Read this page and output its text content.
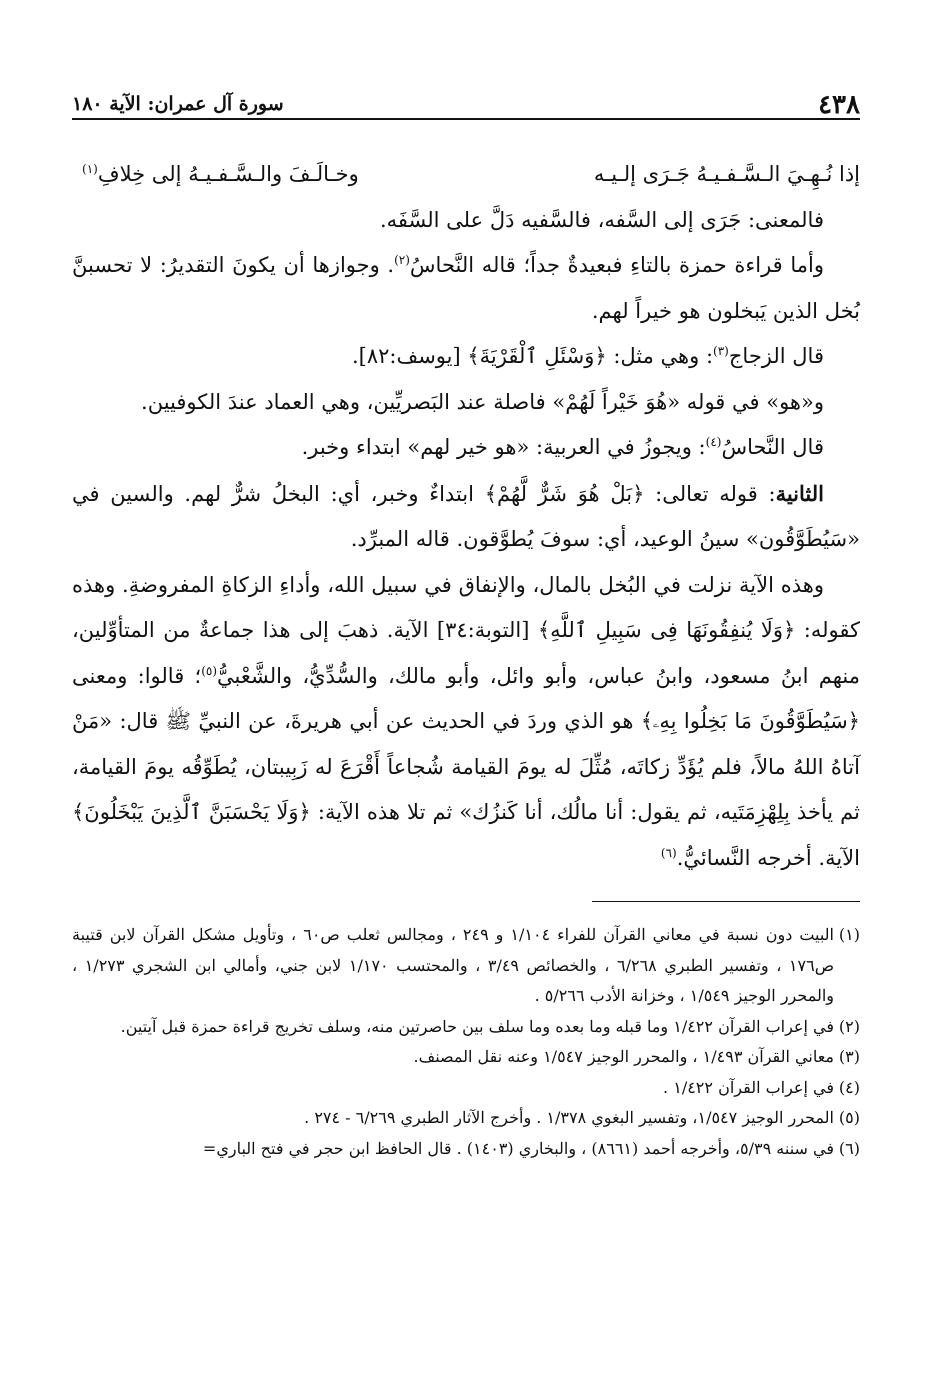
٤٣٨
سورة آل عمران: الآية ١٨٠
إذا نُـهِـيَ الـسَّـفـيـهُ جَـرَى إلـيـه
وخـالَـفَ والـسَّـفـيـهُ إلى خِلافِ$^{(١)}$

فالمعنى: جَرَى إلى السَّفه، فالسَّفيه دَلَّ على السَّفَه.

وأما قراءة حمزة بالتاءِ فبعيدةٌ جداً؛ قاله النَّحاسُ$^{(٢)}$. وجوازها أن يكونَ التقديرُ: لا تحسبنَّ بُخل الذين يَبخلون هو خيراً لهم.

قال الزجاج$^{(٣)}$: وهي مثل: ﴿وَسْئَلِ ٱلْقَرْيَةَ﴾ [يوسف:٨٢].

و«هو» في قوله «هُوَ خَيْراً لَهُمْ» فاصلة عند البَصريِّين، وهي العماد عندَ الكوفيين.

قال النَّحاسُ$^{(٤)}$: ويجوزُ في العربية: «هو خير لهم» ابتداء وخبر.

الثانية: قوله تعالى: ﴿بَلْ هُوَ شَرٌّ لَّهُمْ﴾ ابتداءٌ وخبر، أي: البخلُ شرٌّ لهم. والسين في «سَيُطَوَّقُون» سينُ الوعيد، أي: سوفَ يُطوَّقون. قاله المبرِّد.

وهذه الآية نزلت في البُخل بالمال، والإنفاق في سبيل الله، وأداءِ الزكاةِ المفروضةِ. وهذه كقوله: ﴿وَلَا يُنفِقُونَهَا فِى سَبِيلِ ٱللَّهِ﴾ [التوبة:٣٤] الآية. ذهبَ إلى هذا جماعةٌ من المتأوِّلين، منهم ابنُ مسعود، وابنُ عباس، وأبو وائل، وأبو مالك، والسُّدِّيُّ، والشَّعْبيُّ$^{(٥)}$؛ قالوا: ومعنى ﴿سَيُطَوَّقُونَ مَا بَخِلُوا بِهِۦ﴾ هو الذي وردَ في الحديث عن أبي هريرةَ، عن النبيِّ ﷺ قال: «مَنْ آتاهُ اللهُ مالاً، فلم يُؤَدِّ زكاتَه، مُثِّلَ له يومَ القيامة شُجاعاً أَقْرَعَ له زَبِيبتان، يُطَوِّقُه يومَ القيامة، ثم يأخذ بِلِهْزِمَتَيه، ثم يقول: أنا مالُك، أنا كَنزُك» ثم تلا هذه الآية: ﴿وَلَا يَحْسَبَنَّ ٱلَّذِينَ يَبْخَلُونَ﴾ الآية. أخرجه النَّسائيُّ.$^{(٦)}$

(١)
البيت دون نسبة في معاني القرآن للفراء ١/١٠٤ و ٢٤٩ ، ومجالس ثعلب ص٦٠ ، وتأويل مشكل القرآن لابن قتيبة ص١٧٦ ، وتفسير الطبري ٦/٢٦٨ ، والخصائص ٣/٤٩ ، والمحتسب ١/١٧٠ لابن جني، وأمالي ابن الشجري ١/٢٧٣ ، والمحرر الوجيز ١/٥٤٩ ، وخزانة الأدب ٥/٢٦٦ .
(٢)
في إعراب القرآن ١/٤٢٢ وما قبله وما بعده وما سلف بين حاصرتين منه، وسلف تخريج قراءة حمزة قبل آيتين.
(٣)
معاني القرآن ١/٤٩٣ ، والمحرر الوجيز ١/٥٤٧ وعنه نقل المصنف.
(٤)
في إعراب القرآن ١/٤٢٢ .
(٥)
المحرر الوجيز ١/٥٤٧، وتفسير البغوي ١/٣٧٨ . وأخرج الآثار الطبري ٦/٢٦٩ - ٢٧٤ .
(٦)
في سننه ٥/٣٩، وأخرجه أحمد (٨٦٦١) ، والبخاري (١٤٠٣) . قال الحافظ ابن حجر في فتح الباري=
